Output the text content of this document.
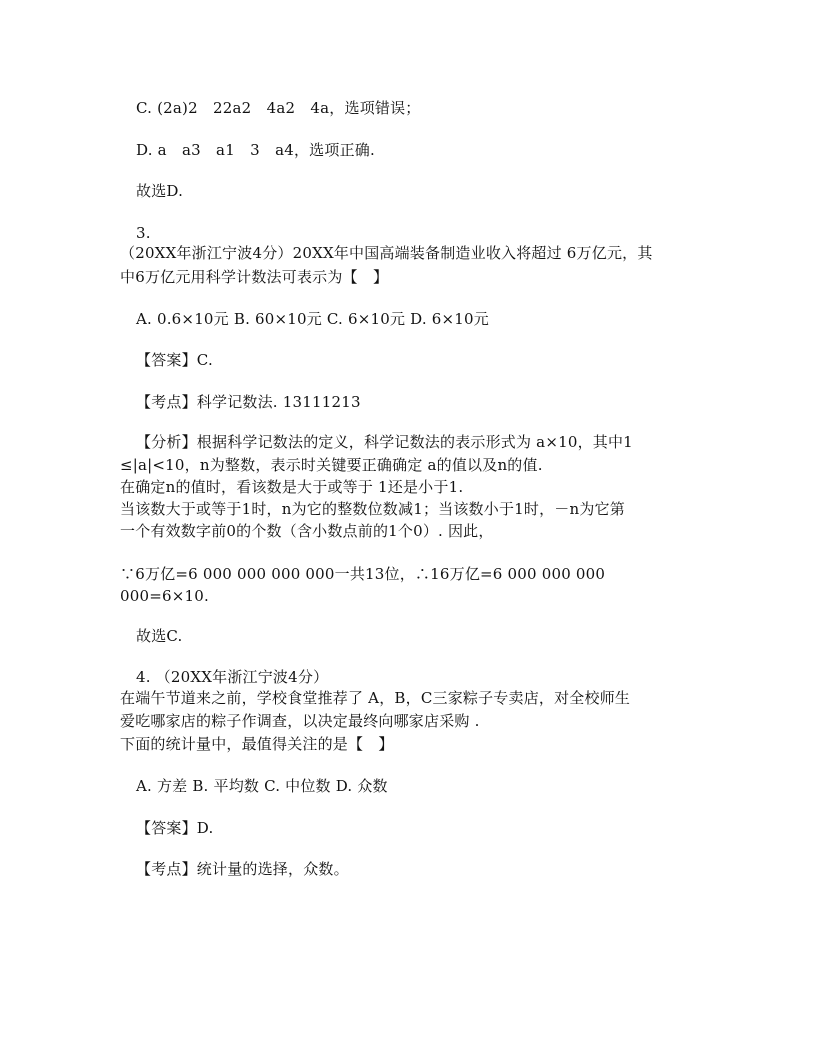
C. (2a)2　22a2　4a2　4a，选项错误；
D. a　a3　a1　3　a4，选项正确.
故选D.
3.
（20XX年浙江宁波4分）20XX年中国高端装备制造业收入将超过 6万亿元，其
中6万亿元用科学计数法可表示为【　】
A. 0.6×10元 B. 60×10元 C. 6×10元 D. 6×10元
【答案】C.
【考点】科学记数法. 13111213
【分析】根据科学记数法的定义，科学记数法的表示形式为 a×10，其中1
≤|a|<10，n为整数，表示时关键要正确确定 a的值以及n的值.
在确定n的值时，看该数是大于或等于 1还是小于1.
当该数大于或等于1时，n为它的整数位数减1；当该数小于1时，－n为它第
一个有效数字前0的个数（含小数点前的1个0）. 因此，
∵6万亿=6 000 000 000 000一共13位，∴16万亿=6 000 000 000
000=6×10.
故选C.
4. （20XX年浙江宁波4分）
在端午节道来之前，学校食堂推荐了 A，B，C三家粽子专卖店，对全校师生
爱吃哪家店的粽子作调查，以决定最终向哪家店采购 .
下面的统计量中，最值得关注的是【　】
A. 方差 B. 平均数 C. 中位数 D. 众数
【答案】D.
【考点】统计量的选择，众数。
